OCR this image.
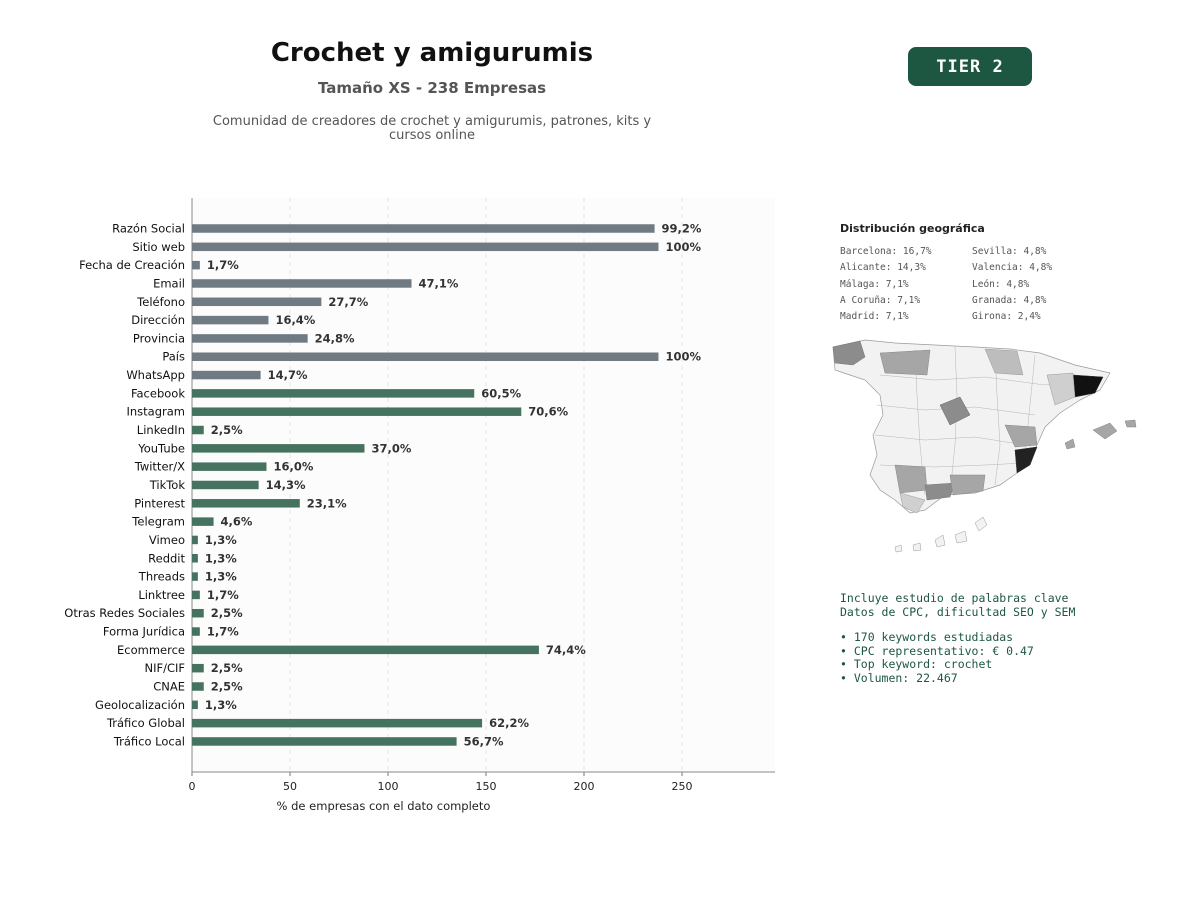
Crochet y amigurumis
Tamaño XS - 238 Empresas
Comunidad de creadores de crochet y amigurumis, patrones, kits y cursos online
TIER 2
0	50	100	150	200	250
% de empresas con el dato completo
Razón Social	99,2%
Sitio web	100%
Fecha de Creación 1,7%
Email	47,1%
Teléfono	27,7%
Dirección	16,4%
Provincia	24,8%
País	100%
WhatsApp	14,7%
Facebook	60,5%
Instagram	70,6%
LinkedIn 2,5%
YouTube	37,0%
Twitter/X	16,0%
TikTok	14,3%
Pinterest	23,1%
Telegram	4,6%
Vimeo 1,3%
Reddit 1,3%
Threads 1,3%
Linktree 1,7%
Otras Redes Sociales 2,5%
Forma Jurídica 1,7%
Ecommerce	74,4%
NIF/CIF 2,5%
CNAE 2,5%
Geolocalización 1,3%
Tráfico Global	62,2%
Tráfico Local	56,7%
Distribución geográfica
Barcelona: 16,7%	Sevilla: 4,8%
Alicante: 14,3%	Valencia: 4,8%
Málaga: 7,1%	León: 4,8%
A Coruña: 7,1%	Granada: 4,8%
Madrid: 7,1%	Girona: 2,4%
Incluye estudio de palabras clave
Datos de CPC, dificultad SEO y SEM
• 170 keywords estudiadas
• CPC representativo: € 0.47
• Top keyword: crochet
• Volumen: 22.467
